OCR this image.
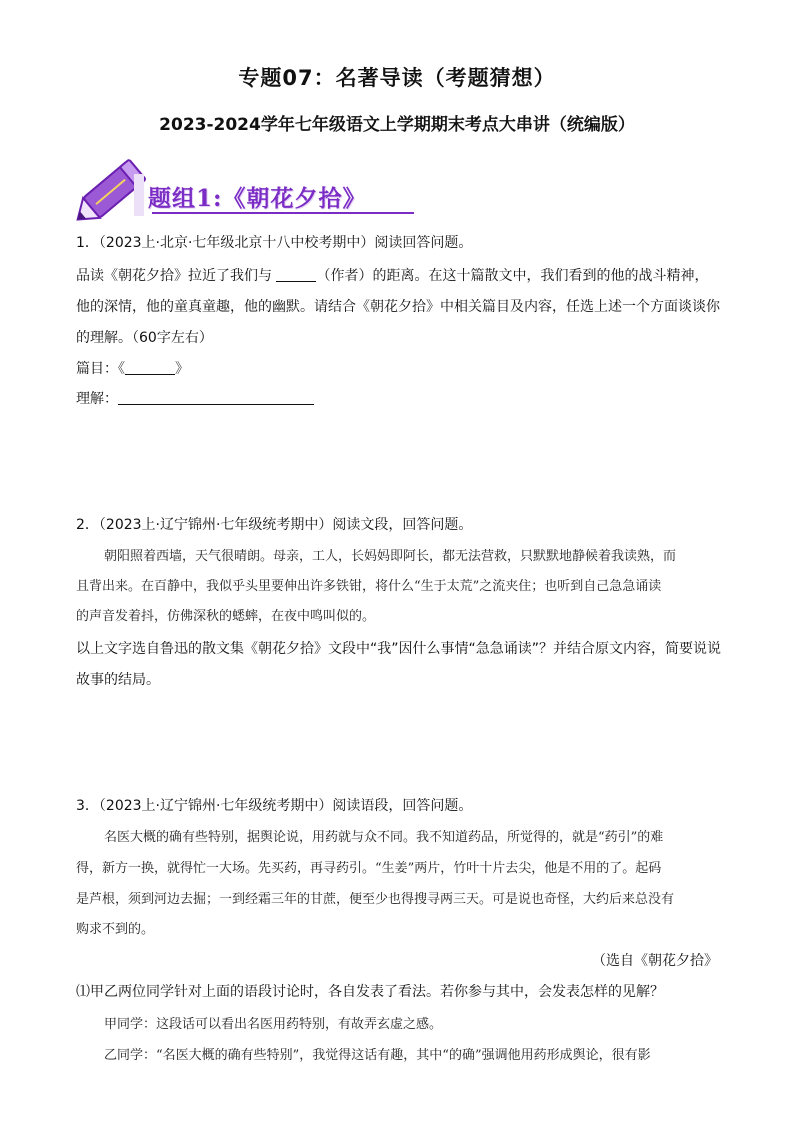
专题07：名著导读（考题猜想）
2023-2024学年七年级语文上学期期末考点大串讲（统编版）
题组1:《朝花夕拾》
1．（2023上·北京·七年级北京十八中校考期中）阅读回答问题。
品读《朝花夕拾》拉近了我们与	（作者）的距离。在这十篇散文中，我们看到的他的战斗精神，
他的深情，他的童真童趣，他的幽默。请结合《朝花夕拾》中相关篇目及内容，任选上述一个方面谈谈你
的理解。（60字左右）
篇目：《	》
理解：
2．（2023上·辽宁锦州·七年级统考期中）阅读文段，回答问题。
朝阳照着西墙，天气很晴朗。母亲，工人，长妈妈即阿长，都无法营救，只默默地静候着我读熟，而
且背出来。在百静中，我似乎头里要伸出许多铁钳，将什么“生于太荒”之流夹住；也听到自己急急诵读
的声音发着抖，仿佛深秋的蟋蟀，在夜中鸣叫似的。
以上文字选自鲁迅的散文集《朝花夕拾》文段中“我”因什么事情“急急诵读”？并结合原文内容，简要说说
故事的结局。
3．（2023上·辽宁锦州·七年级统考期中）阅读语段，回答问题。
名医大概的确有些特别，据舆论说，用药就与众不同。我不知道药品，所觉得的，就是“药引”的难
得，新方一换，就得忙一大场。先买药，再寻药引。“生姜”两片，竹叶十片去尖，他是不用的了。起码
是芦根，须到河边去掘；一到经霜三年的甘蔗，便至少也得搜寻两三天。可是说也奇怪，大约后来总没有
购求不到的。
（选自《朝花夕拾》
⑴甲乙两位同学针对上面的语段讨论时，各自发表了看法。若你参与其中，会发表怎样的见解？
甲同学：这段话可以看出名医用药特别，有故弄玄虚之感。
乙同学：“名医大概的确有些特别”，我觉得这话有趣，其中“的确”强调他用药形成舆论，很有影
